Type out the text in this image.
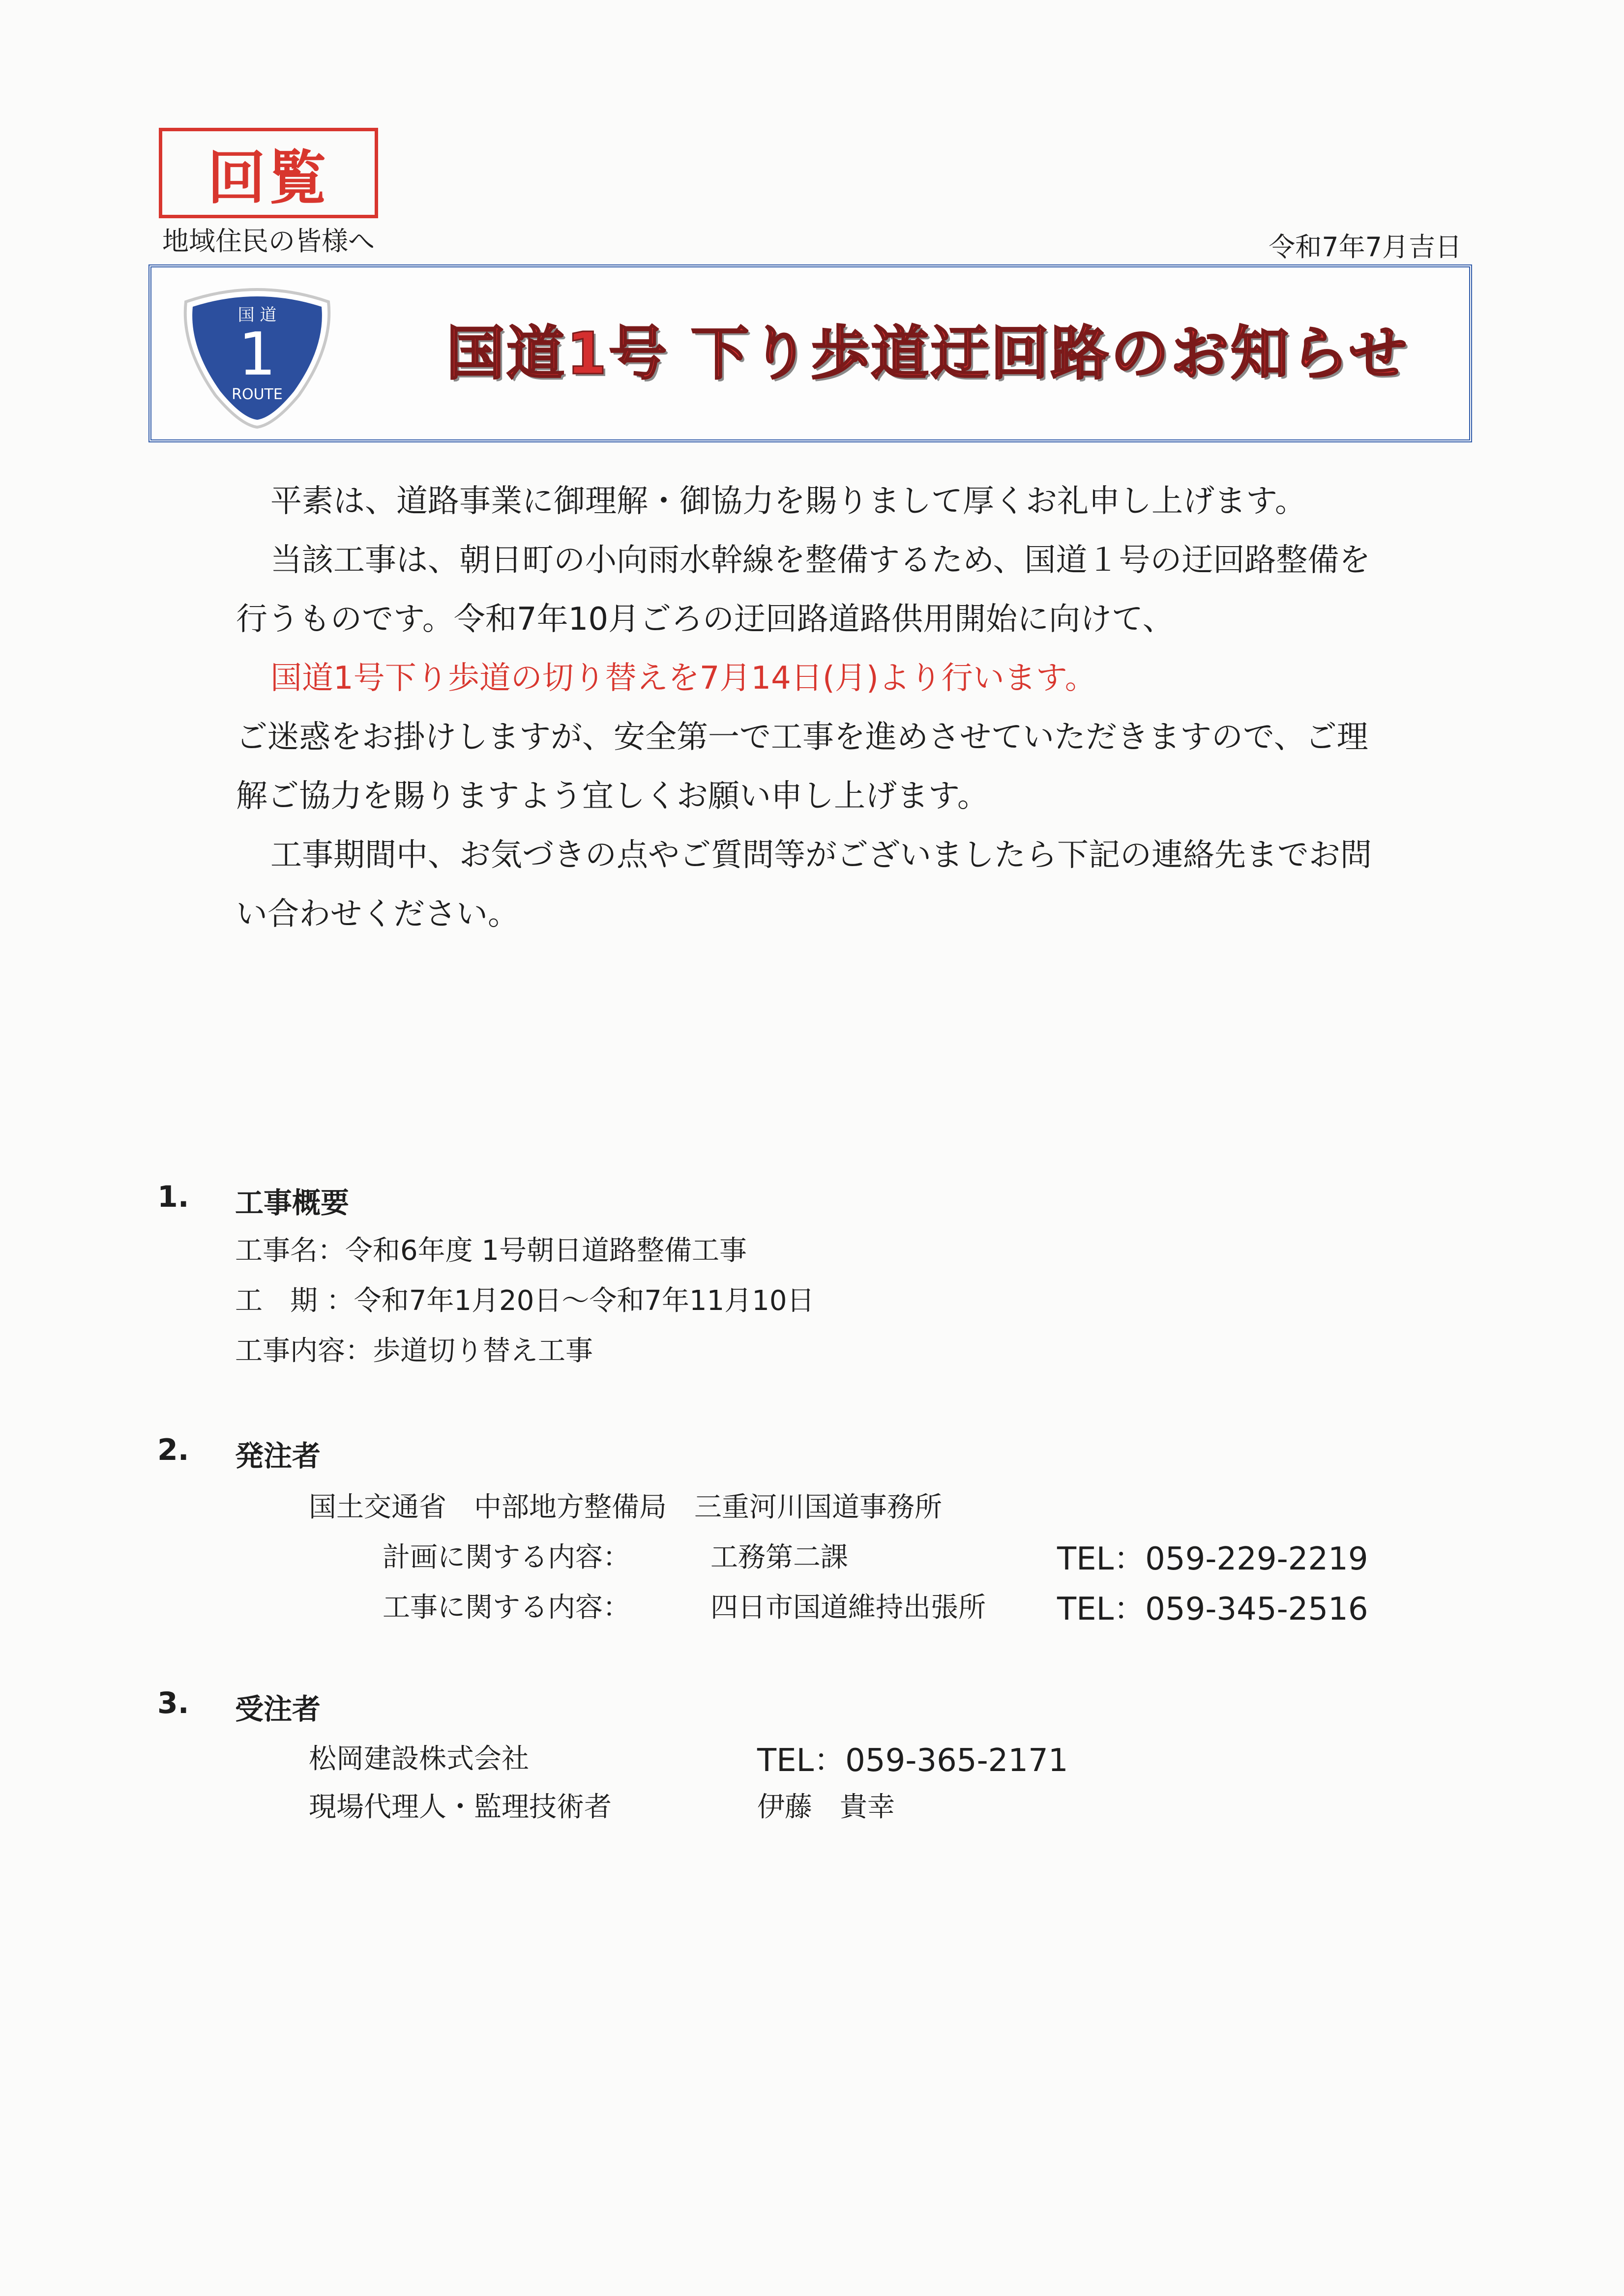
回覧
地域住民の皆様へ	令和7年7月吉日
国 道
1
ROUTE
国道1号 下り歩道迂回路のお知らせ

平素は、道路事業に御理解・御協力を賜りまして厚くお礼申し上げます。

当該工事は、朝日町の小向雨水幹線を整備するため、国道１号の迂回路整備を

行うものです。令和7年10月ごろの迂回路道路供用開始に向けて、

国道1号下り歩道の切り替えを7月14日(月)より行います。

ご迷惑をお掛けしますが、安全第一で工事を進めさせていただきますので、ご理

解ご協力を賜りますよう宜しくお願い申し上げます。

工事期間中、お気づきの点やご質問等がございましたら下記の連絡先までお問

い合わせください。

1. 工事概要
工事名：令和6年度 1号朝日道路整備工事
工　期 ：令和7年1月20日～令和7年11月10日
工事内容：歩道切り替え工事
2. 発注者
国土交通省　中部地方整備局　三重河川国道事務所
計画に関する内容：	工務第二課	TEL：059-229-2219
工事に関する内容：	四日市国道維持出張所 TEL：059-345-2516
3. 受注者
松岡建設株式会社	TEL：059-365-2171
現場代理人・監理技術者	伊藤　貴幸
